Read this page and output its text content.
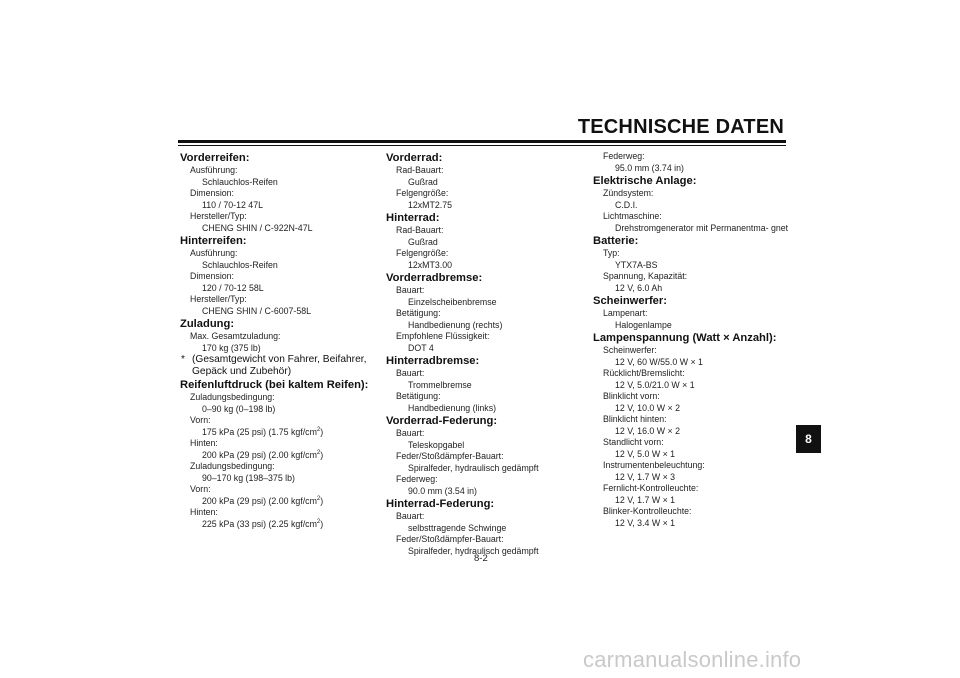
TECHNISCHE DATEN
Vorderreifen:
Ausführung:
Schlauchlos-Reifen
Dimension:
110 / 70-12 47L
Hersteller/Typ:
CHENG SHIN / C-922N-47L
Hinterreifen:
Ausführung:
Schlauchlos-Reifen
Dimension:
120 / 70-12 58L
Hersteller/Typ:
CHENG SHIN / C-6007-58L
Zuladung:
Max. Gesamtzuladung:
170 kg (375 lb)
* (Gesamtgewicht von Fahrer, Beifahrer, Gepäck und Zubehör)
Reifenluftdruck (bei kaltem Reifen):
Zuladungsbedingung:
0–90 kg (0–198 lb)
Vorn:
175 kPa (25 psi) (1.75 kgf/$cm^2$)
Hinten:
200 kPa (29 psi) (2.00 kgf/$cm^2$)
Zuladungsbedingung:
90–170 kg (198–375 lb)
Vorn:
200 kPa (29 psi) (2.00 kgf/$cm^2$)
Hinten:
225 kPa (33 psi) (2.25 kgf/$cm^2$)
Vorderrad:
Rad-Bauart:
Gußrad
Felgengröße:
12xMT2.75
Hinterrad:
Rad-Bauart:
Gußrad
Felgengröße:
12xMT3.00
Vorderradbremse:
Bauart:
Einzelscheibenbremse
Betätigung:
Handbedienung (rechts)
Empfohlene Flüssigkeit:
DOT 4
Hinterradbremse:
Bauart:
Trommelbremse
Betätigung:
Handbedienung (links)
Vorderrad-Federung:
Bauart:
Teleskopgabel
Feder/Stoßdämpfer-Bauart:
Spiralfeder, hydraulisch gedämpft
Federweg:
90.0 mm (3.54 in)
Hinterrad-Federung:
Bauart:
selbsttragende Schwinge
Feder/Stoßdämpfer-Bauart:
Spiralfeder, hydraulisch gedämpft
Federweg:
95.0 mm (3.74 in)
Elektrische Anlage:
Zündsystem:
C.D.I.
Lichtmaschine:
Drehstromgenerator mit Permanentma- gnet
Batterie:
Typ:
YTX7A-BS
Spannung, Kapazität:
12 V, 6.0 Ah
Scheinwerfer:
Lampenart:
Halogenlampe
Lampenspannung (Watt × Anzahl):
Scheinwerfer:
12 V, 60 W/55.0 W × 1
Rücklicht/Bremslicht:
12 V, 5.0/21.0 W × 1
Blinklicht vorn:
12 V, 10.0 W × 2
Blinklicht hinten:
12 V, 16.0 W × 2
Standlicht vorn:
12 V, 5.0 W × 1
Instrumentenbeleuchtung:
12 V, 1.7 W × 3
Fernlicht-Kontrolleuchte:
12 V, 1.7 W × 1
Blinker-Kontrolleuchte:
12 V, 3.4 W × 1
8-2
8
carmanualsonline.info
